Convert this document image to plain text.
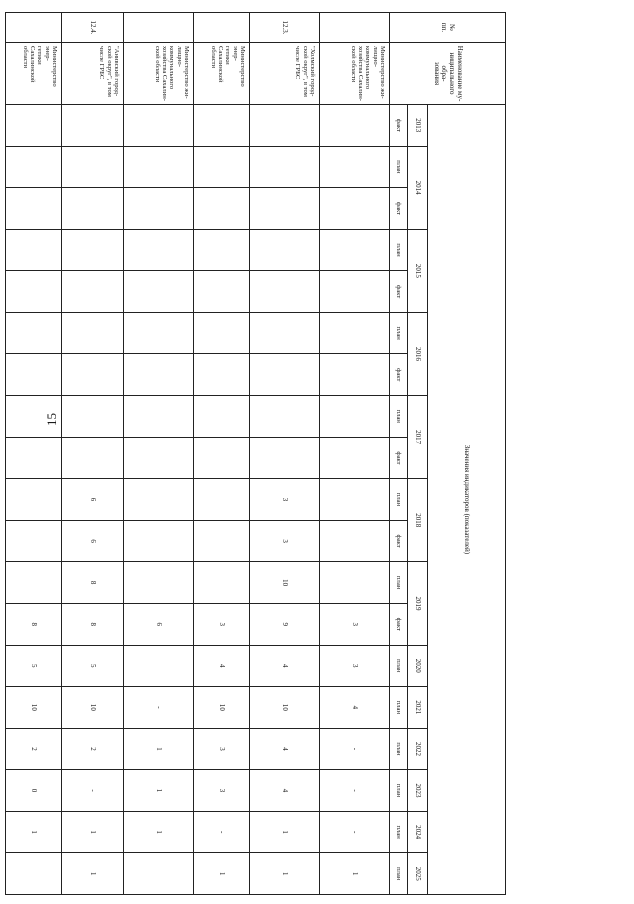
15
№
пп.	Наименование му-
ниципального обра-
зования	Значения индикаторов (показателей)																		
		2013	2014		2015		2016		2017		2018		2019		2020	2021	2022	2023	2024	2025
		факт	план	факт	план	факт	план	факт	план	факт	план	факт	план	факт	план	план	план	план	план	план
	Министерство жи-
лищно-
коммунального
хозяйства Сахалин-
ской области													3	3	4	-	-	-	1
12.3.	"Холмский город-
ской округ", в том
числе ГРБС										3	3	10	9	4	10	4	4	1	1
	Министерство энер-
гетики Сахалинской
области													3	4	10	3	3	-	1
	Министерство жи-
лищно-
коммунального
хозяйства Сахалин-
ской области													6		-	1	1	1	
12.4.	"Анивский город-
ской округ", в том
числе ГРБС										6	6	8	8	5	10	2	-	1	1
	Министерство энер-
гетики Сахалинской
области													8	5	10	2	0	1	
